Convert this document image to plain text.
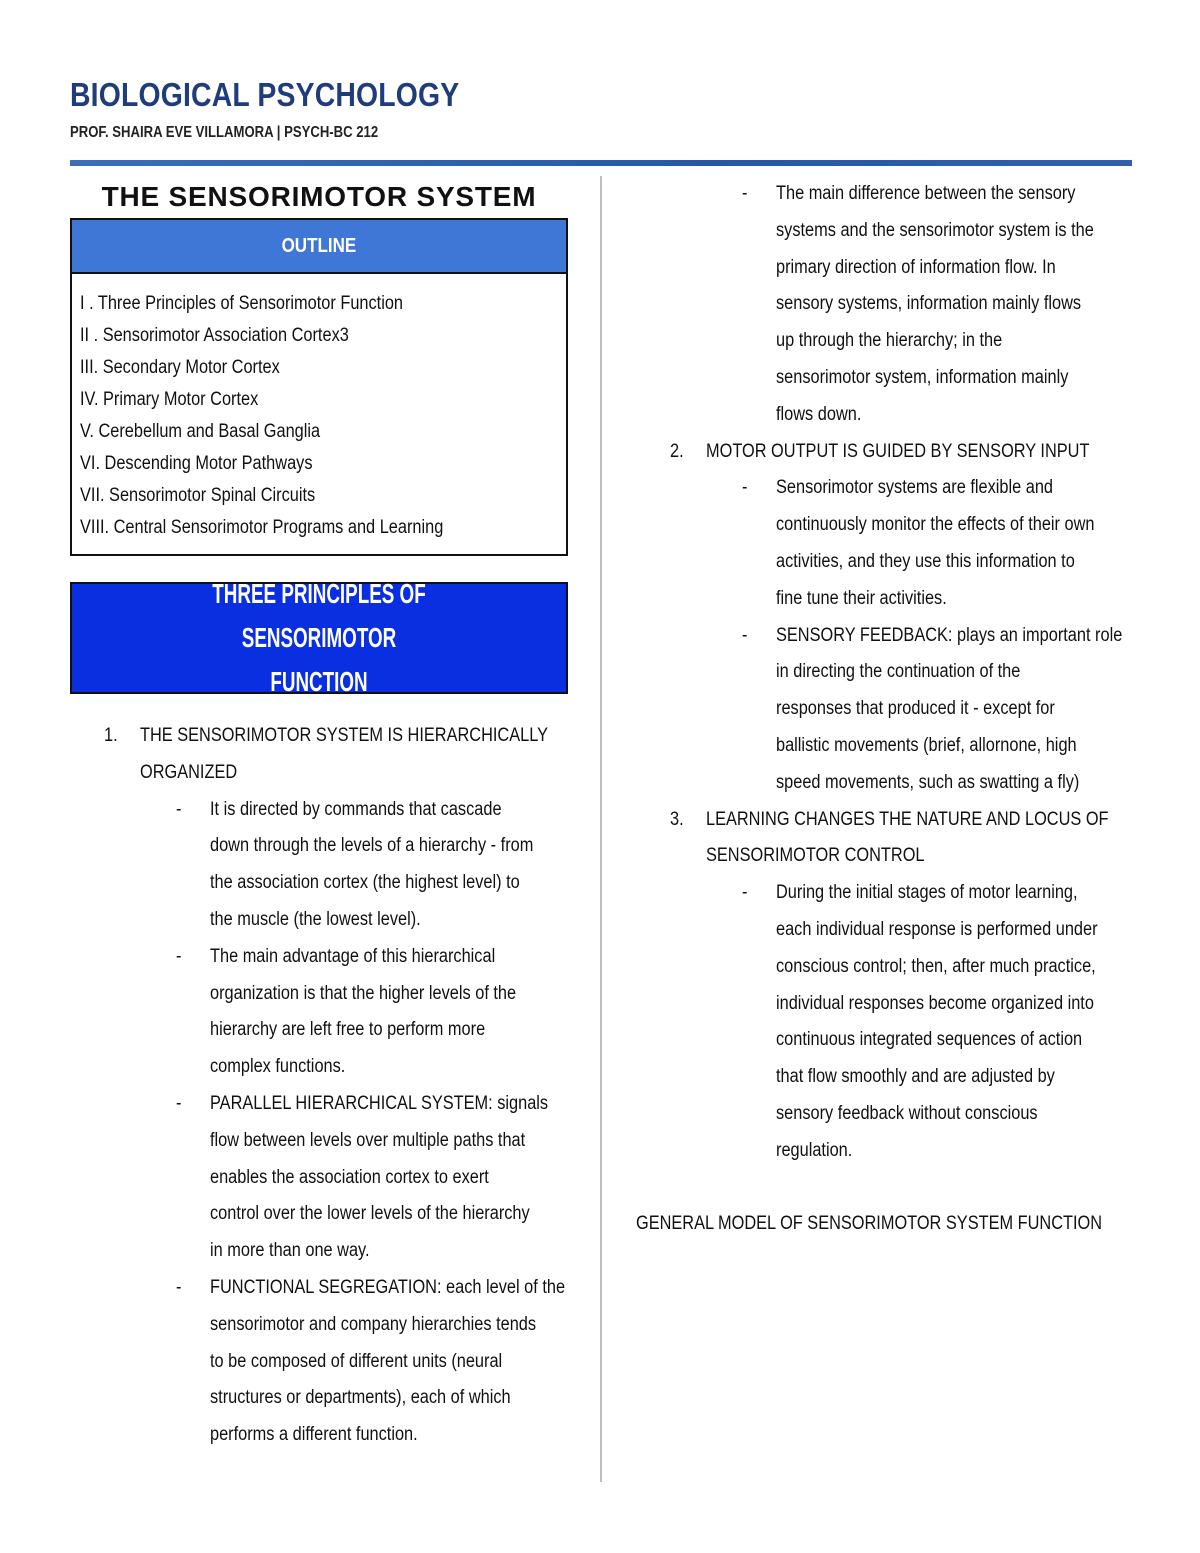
BIOLOGICAL PSYCHOLOGY
PROF. SHAIRA EVE VILLAMORA | PSYCH-BC 212
THE SENSORIMOTOR SYSTEM
OUTLINE
I . Three Principles of Sensorimotor Function
II . Sensorimotor Association Cortex3
III. Secondary Motor Cortex
IV. Primary Motor Cortex
V. Cerebellum and Basal Ganglia
VI. Descending Motor Pathways
VII. Sensorimotor Spinal Circuits
VIII. Central Sensorimotor Programs and Learning
THREE PRINCIPLES OF SENSORIMOTOR
FUNCTION
1. THE SENSORIMOTOR SYSTEM IS HIERARCHICALLY
ORGANIZED
- It is directed by commands that cascade
down through the levels of a hierarchy - from
the association cortex (the highest level) to
the muscle (the lowest level).
- The main advantage of this hierarchical
organization is that the higher levels of the
hierarchy are left free to perform more
complex functions.
- PARALLEL HIERARCHICAL SYSTEM: signals
flow between levels over multiple paths that
enables the association cortex to exert
control over the lower levels of the hierarchy
in more than one way.
- FUNCTIONAL SEGREGATION: each level of the
sensorimotor and company hierarchies tends
to be composed of different units (neural
structures or departments), each of which
performs a different function.
- The main difference between the sensory
systems and the sensorimotor system is the
primary direction of information flow. In
sensory systems, information mainly flows
up through the hierarchy; in the
sensorimotor system, information mainly
flows down.
2. MOTOR OUTPUT IS GUIDED BY SENSORY INPUT
- Sensorimotor systems are flexible and
continuously monitor the effects of their own
activities, and they use this information to
fine tune their activities.
- SENSORY FEEDBACK: plays an important role
in directing the continuation of the
responses that produced it - except for
ballistic movements (brief, allornone, high
speed movements, such as swatting a fly)
3. LEARNING CHANGES THE NATURE AND LOCUS OF
SENSORIMOTOR CONTROL
- During the initial stages of motor learning,
each individual response is performed under
conscious control; then, after much practice,
individual responses become organized into
continuous integrated sequences of action
that flow smoothly and are adjusted by
sensory feedback without conscious
regulation.
GENERAL MODEL OF SENSORIMOTOR SYSTEM FUNCTION
